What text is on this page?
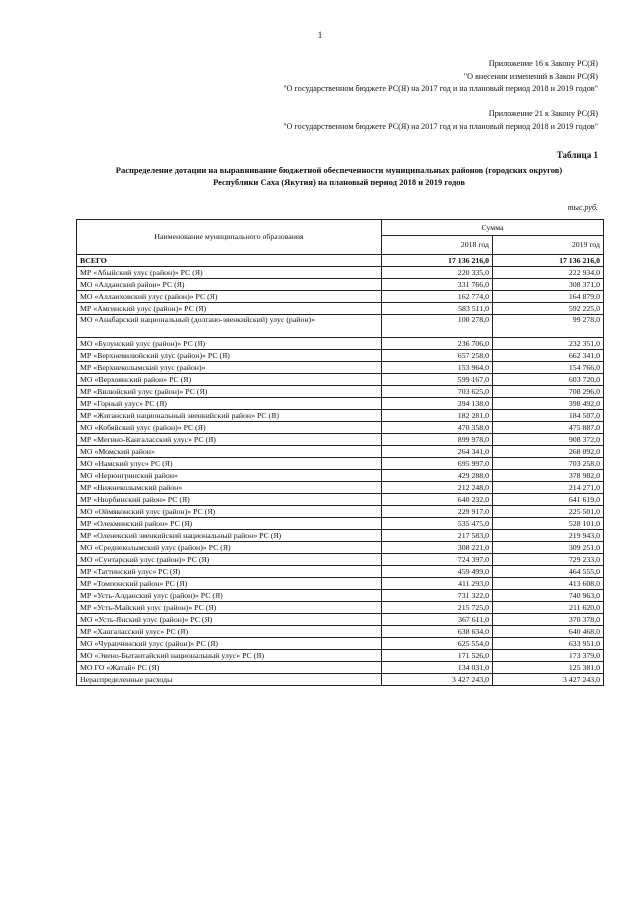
1
Приложение 16 к Закону РС(Я)
"О внесении изменений в Закон РС(Я)
"О государственном бюджете РС(Я) на 2017 год и на плановый период 2018 и 2019 годов"
Приложение 21 к Закону РС(Я)
"О государственном бюджете РС(Я) на 2017 год и на плановый период 2018 и 2019 годов"
Таблица 1
Распределение дотации на выравнивание бюджетной обеспеченности муниципальных районов (городских округов)
Республики Саха (Якутия) на плановый период 2018 и 2019 годов
тыс.руб.
Наименование муниципального образования	Сумма	
	2018 год	2019 год
ВСЕГО	17 136 216,0	17 136 216,0
МР «Абыйский улус (район)» РС (Я)	220 335,0	222 934,0
МО «Алданский район» РС (Я)	331 766,0	308 371,0
МО «Аллаиховский улус (район)» РС (Я)	162 774,0	164 879,0
МР «Амгинский улус (район)» РС (Я)	583 511,0	592 225,0
МО «Анабарский национальный (долгано-эвенкийский) улус (район)»	100 278,0	99 278,0
МО «Булунский улус (район)» РС (Я)	236 706,0	232 351,0
МР «Верхневилюйский улус (район)» РС (Я)	657 258,0	662 341,0
МР «Верхнеколымский улус (район)»	153 964,0	154 766,0
МО «Верхоянский район» РС (Я)	599 167,0	603 720,0
МР «Вилюйский улус (район)» РС (Я)	703 625,0	708 296,0
МР «Горный улус» РС (Я)	394 138,0	398 492,0
МР «Жиганский национальный эвенкийский район» РС (Я)	182 281,0	184 507,0
МО «Кобяйский улус (район)» РС (Я)	470 358,0	475 887,0
МР «Мегино-Кангаласский улус» РС (Я)	899 978,0	908 372,0
МО «Момский район»	264 341,0	268 092,0
МО «Намский улус» РС (Я)	695 997,0	703 258,0
МО «Нерюнгринский район»	429 288,0	378 982,0
МР «Нижнеколымский район»	212 248,0	214 271,0
МР «Нюрбинский район» РС (Я)	640 232,0	641 619,0
МО «Оймяконский улус (район)» РС (Я)	229 917,0	225 501,0
МР «Олекминский район» РС (Я)	535 475,0	528 101,0
МР «Оленекский эвенкийский национальный район» РС (Я)	217 583,0	219 943,0
МО «Среднеколымский улус (район)» РС (Я)	308 221,0	309 251,0
МО «Сунтарский улус (район)» РС (Я)	724 397,0	729 233,0
МР «Таттинский улус» РС (Я)	459 499,0	464 555,0
МР «Томпонский район» РС (Я)	411 293,0	413 608,0
МР «Усть-Алданский улус (район)» РС (Я)	731 322,0	740 963,0
МР «Усть-Майский улус (район)» РС (Я)	215 725,0	211 620,0
МО «Усть-Янский улус (район)» РС (Я)	367 611,0	370 378,0
МР «Хангаласский улус» РС (Я)	638 634,0	640 468,0
МО «Чурапчинский улус (район)» РС (Я)	625 554,0	633 951,0
МО «Эвено-Бытантайский национальный улус» РС (Я)	171 526,0	173 379,0
МО ГО «Жатай» РС (Я)	134 031,0	125 381,0
Нераспределенные расходы	3 427 243,0	3 427 243,0
